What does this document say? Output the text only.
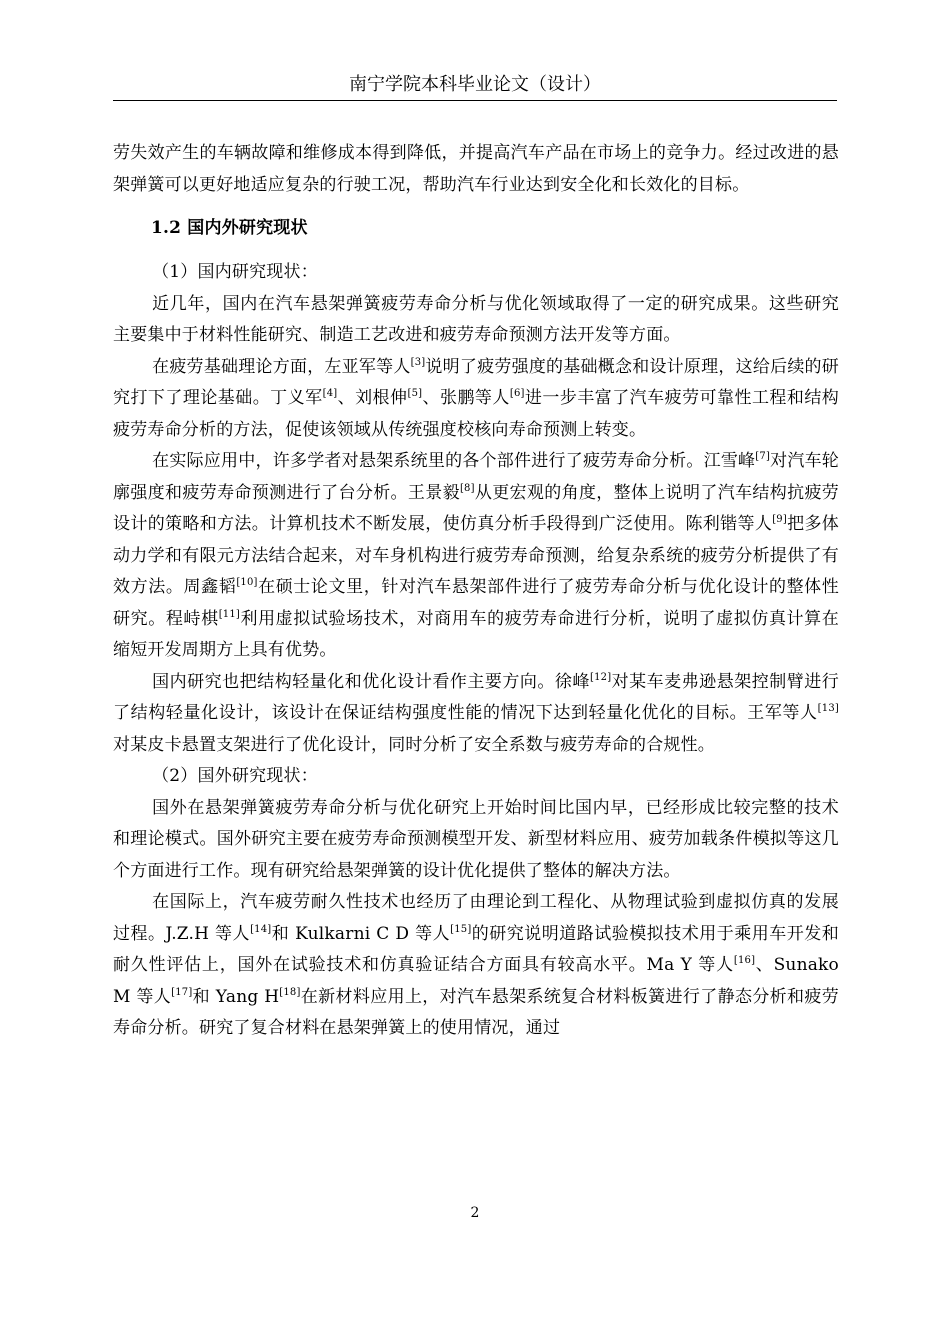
南宁学院本科毕业论文（设计）

劳失效产生的车辆故障和维修成本得到降低，并提高汽车产品在市场上的竞争力。经过改进的悬架弹簧可以更好地适应复杂的行驶工况，帮助汽车行业达到安全化和长效化的目标。

1.2 国内外研究现状

（1）国内研究现状：

近几年，国内在汽车悬架弹簧疲劳寿命分析与优化领域取得了一定的研究成果。这些研究主要集中于材料性能研究、制造工艺改进和疲劳寿命预测方法开发等方面。

在疲劳基础理论方面，左亚军等人[3]说明了疲劳强度的基础概念和设计原理，这给后续的研究打下了理论基础。丁义军[4]、刘根伸[5]、张鹏等人[6]进一步丰富了汽车疲劳可靠性工程和结构疲劳寿命分析的方法，促使该领域从传统强度校核向寿命预测上转变。

在实际应用中，许多学者对悬架系统里的各个部件进行了疲劳寿命分析。江雪峰[7]对汽车轮廓强度和疲劳寿命预测进行了台分析。王景毅[8]从更宏观的角度，整体上说明了汽车结构抗疲劳设计的策略和方法。计算机技术不断发展，使仿真分析手段得到广泛使用。陈利锴等人[9]把多体动力学和有限元方法结合起来，对车身机构进行疲劳寿命预测，给复杂系统的疲劳分析提供了有效方法。周鑫韬[10]在硕士论文里，针对汽车悬架部件进行了疲劳寿命分析与优化设计的整体性研究。程峙棋[11]利用虚拟试验场技术，对商用车的疲劳寿命进行分析，说明了虚拟仿真计算在缩短开发周期方上具有优势。

国内研究也把结构轻量化和优化设计看作主要方向。徐峰[12]对某车麦弗逊悬架控制臂进行了结构轻量化设计，该设计在保证结构强度性能的情况下达到轻量化优化的目标。王军等人[13]对某皮卡悬置支架进行了优化设计，同时分析了安全系数与疲劳寿命的合规性。

（2）国外研究现状：

国外在悬架弹簧疲劳寿命分析与优化研究上开始时间比国内早，已经形成比较完整的技术和理论模式。国外研究主要在疲劳寿命预测模型开发、新型材料应用、疲劳加载条件模拟等这几个方面进行工作。现有研究给悬架弹簧的设计优化提供了整体的解决方法。

在国际上，汽车疲劳耐久性技术也经历了由理论到工程化、从物理试验到虚拟仿真的发展过程。J.Z.H 等人[14]和 Kulkarni C D 等人[15]的研究说明道路试验模拟技术用于乘用车开发和耐久性评估上，国外在试验技术和仿真验证结合方面具有较高水平。Ma Y 等人[16]、Sunako M 等人[17]和 Yang H[18]在新材料应用上，对汽车悬架系统复合材料板簧进行了静态分析和疲劳寿命分析。研究了复合材料在悬架弹簧上的使用情况，通过

2
